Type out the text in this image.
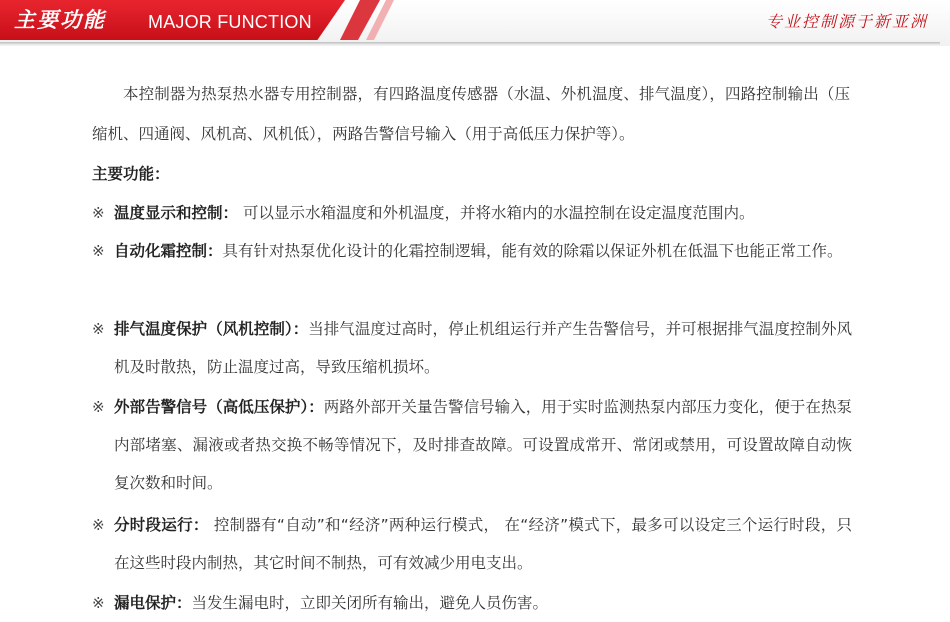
主要功能 MAJOR FUNCTION	专业控制源于新亚洲

本控制器为热泵热水器专用控制器，有四路温度传感器（水温、外机温度、排气温度），四路控制输出（压缩机、四通阀、风机高、风机低），两路告警信号输入（用于高低压力保护等）。

主要功能：
※ 温度显示和控制： 可以显示水箱温度和外机温度，并将水箱内的水温控制在设定温度范围内。
※ 自动化霜控制：具有针对热泵优化设计的化霜控制逻辑，能有效的除霜以保证外机在低温下也能正常工作。
※ 排气温度保护（风机控制）：当排气温度过高时，停止机组运行并产生告警信号，并可根据排气温度控制外风机及时散热，防止温度过高，导致压缩机损坏。
※ 外部告警信号（高低压保护）：两路外部开关量告警信号输入，用于实时监测热泵内部压力变化，便于在热泵内部堵塞、漏液或者热交换不畅等情况下，及时排查故障。可设置成常开、常闭或禁用，可设置故障自动恢复次数和时间。
※ 分时段运行： 控制器有“自动”和“经济”两种运行模式， 在“经济”模式下，最多可以设定三个运行时段，只在这些时段内制热，其它时间不制热，可有效减少用电支出。
※ 漏电保护：当发生漏电时，立即关闭所有输出，避免人员伤害。
